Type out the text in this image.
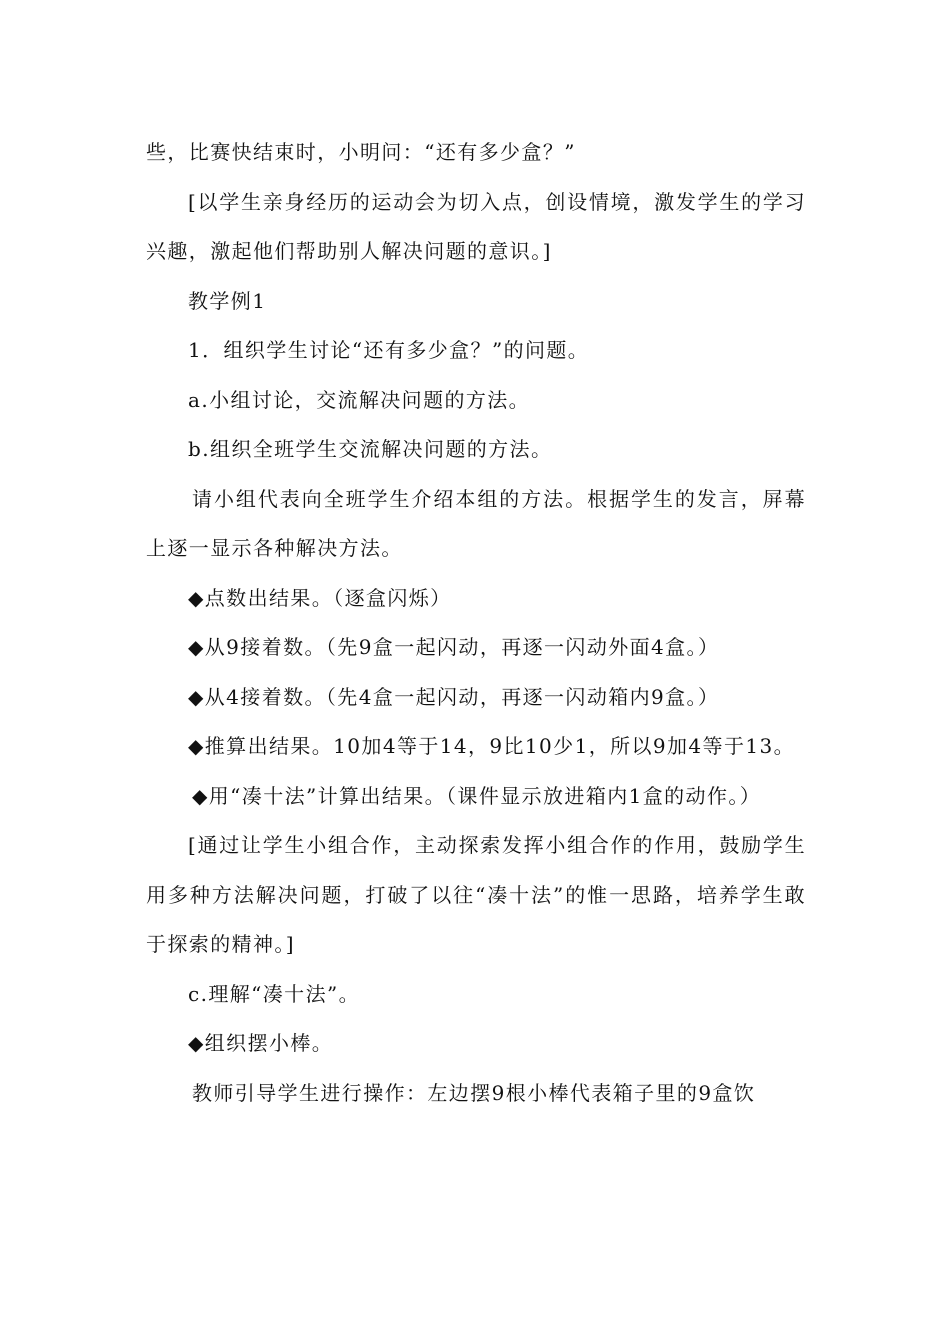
些，比赛快结束时，小明问：“还有多少盒？”

[以学生亲身经历的运动会为切入点，创设情境，激发学生的学习兴趣，激起他们帮助别人解决问题的意识。]

教学例1

1．组织学生讨论“还有多少盒？”的问题。

a.小组讨论，交流解决问题的方法。

b.组织全班学生交流解决问题的方法。

请小组代表向全班学生介绍本组的方法。根据学生的发言，屏幕上逐一显示各种解决方法。

◆点数出结果。（逐盒闪烁）

◆从9接着数。（先9盒一起闪动，再逐一闪动外面4盒。）

◆从4接着数。（先4盒一起闪动，再逐一闪动箱内9盒。）

◆推算出结果。10加4等于14，9比10少1，所以9加4等于13。

◆用“凑十法”计算出结果。（课件显示放进箱内1盒的动作。）

[通过让学生小组合作，主动探索发挥小组合作的作用，鼓励学生用多种方法解决问题，打破了以往“凑十法”的惟一思路，培养学生敢于探索的精神。]

c.理解“凑十法”。

◆组织摆小棒。

教师引导学生进行操作：左边摆9根小棒代表箱子里的9盒饮
